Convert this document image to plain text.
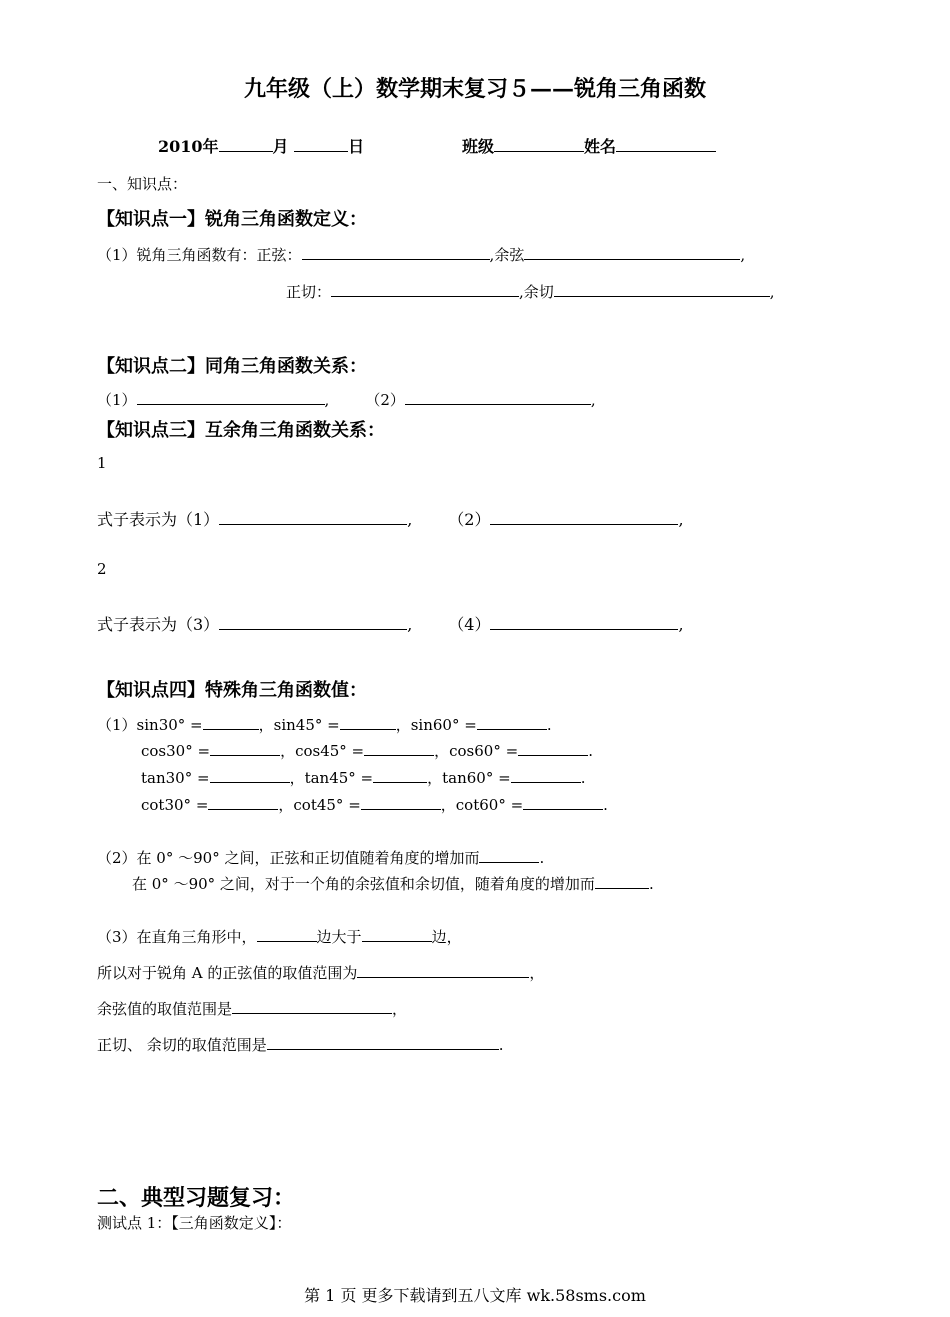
九年级（上）数学期末复习５——锐角三角函数
2010年	月	日	班级	姓名
一、知识点：
【知识点一】锐角三角函数定义：
（1）锐角三角函数有：正弦：	,余弦	,
正切：	,余切	,
【知识点二】同角三角函数关系：
（1）	, （2）	,
【知识点三】互余角三角函数关系：
1
式子表示为（1）	, （2）	,
2
式子表示为（3）	, （4）	,
【知识点四】特殊角三角函数值：
（1）sin30° =	，sin45° =	，sin60° =	.
cos30° =	，cos45° =	，cos60° =	.
tan30° =	，tan45° =	，tan60° =	.
cot30° =	，cot45° =	，cot60° =	.
（2）在 0° ～90° 之间，正弦和正切值随着角度的增加而	.
在 0° ～90° 之间，对于一个角的余弦值和余切值，随着角度的增加而	.
（3）在直角三角形中，	边大于	边，
所以对于锐角 A 的正弦值的取值范围为	，
余弦值的取值范围是	，
正切、 余切的取值范围是	.
二、典型习题复习：
测试点 1：【三角函数定义】：
第 1 页 更多下载请到五八文库 wk.58sms.com
